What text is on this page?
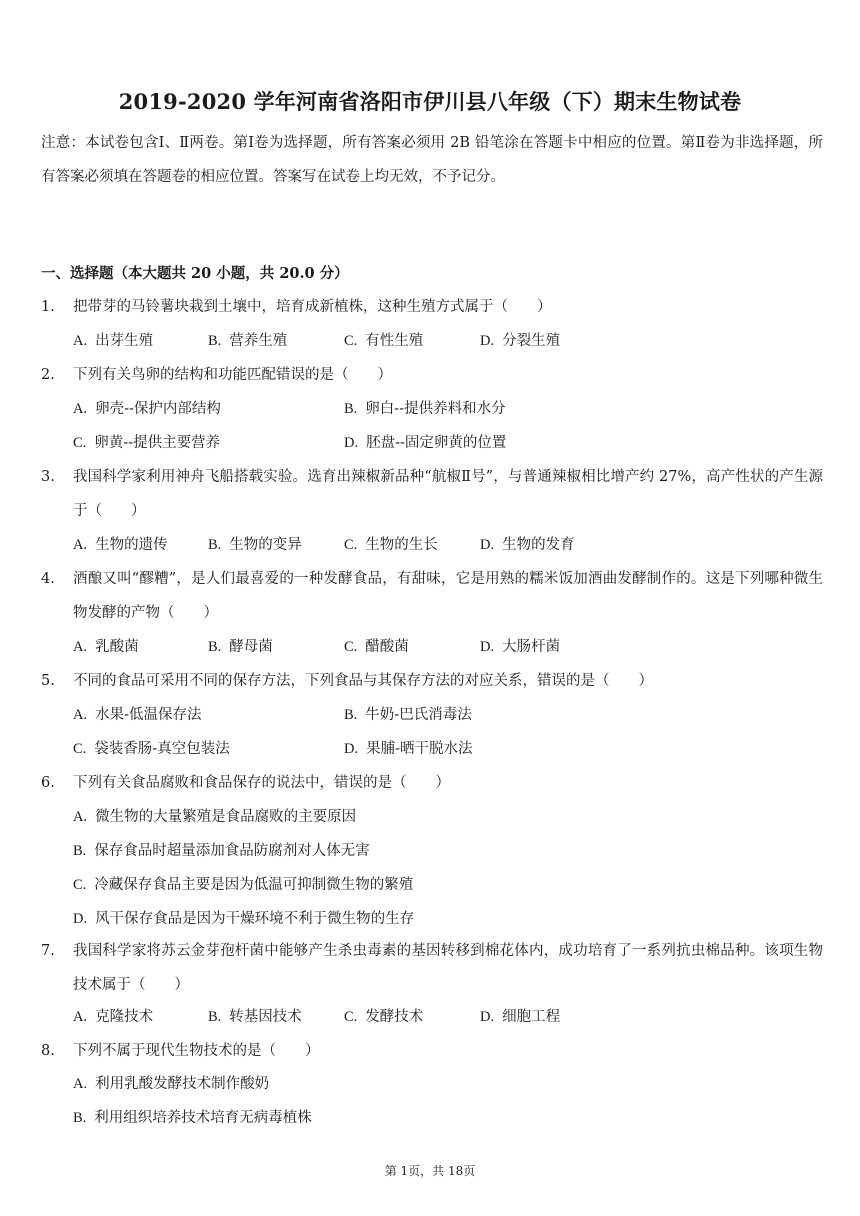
2019-2020 学年河南省洛阳市伊川县八年级（下）期末生物试卷
注意：本试卷包含Ⅰ、Ⅱ两卷。第Ⅰ卷为选择题，所有答案必须用 2B 铅笔涂在答题卡中相应的位置。第Ⅱ卷为非选择题，所有答案必须填在答题卷的相应位置。答案写在试卷上均无效，不予记分。
一、选择题（本大题共 20 小题，共 20.0 分）
1. 把带芽的马铃薯块栽到土壤中，培育成新植株，这种生殖方式属于（　　）
A. 出芽生殖	B. 营养生殖	C. 有性生殖	D. 分裂生殖
2. 下列有关鸟卵的结构和功能匹配错误的是（　　）
A. 卵壳--保护内部结构	B. 卵白--提供养料和水分
C. 卵黄--提供主要营养	D. 胚盘--固定卵黄的位置
3. 我国科学家利用神舟飞船搭载实验。选育出辣椒新品种“航椒Ⅱ号”，与普通辣椒相比增产约 27%，高产性状的产生源于（　　）
A. 生物的遗传	B. 生物的变异	C. 生物的生长	D. 生物的发育
4. 酒酿又叫“醪糟”，是人们最喜爱的一种发酵食品，有甜味，它是用熟的糯米饭加酒曲发酵制作的。这是下列哪种微生物发酵的产物（　　）
A. 乳酸菌	B. 酵母菌	C. 醋酸菌	D. 大肠杆菌
5. 不同的食品可采用不同的保存方法，下列食品与其保存方法的对应关系，错误的是（　　）
A. 水果-低温保存法	B. 牛奶-巴氏消毒法
C. 袋装香肠-真空包装法	D. 果脯-晒干脱水法
6. 下列有关食品腐败和食品保存的说法中，错误的是（　　）
A. 微生物的大量繁殖是食品腐败的主要原因
B. 保存食品时超量添加食品防腐剂对人体无害
C. 冷藏保存食品主要是因为低温可抑制微生物的繁殖
D. 风干保存食品是因为干燥环境不利于微生物的生存
7. 我国科学家将苏云金芽孢杆菌中能够产生杀虫毒素的基因转移到棉花体内，成功培育了一系列抗虫棉品种。该项生物技术属于（　　）
A. 克隆技术	B. 转基因技术	C. 发酵技术	D. 细胞工程
8. 下列不属于现代生物技术的是（　　）
A. 利用乳酸发酵技术制作酸奶
B. 利用组织培养技术培育无病毒植株
第 1页，共 18页
